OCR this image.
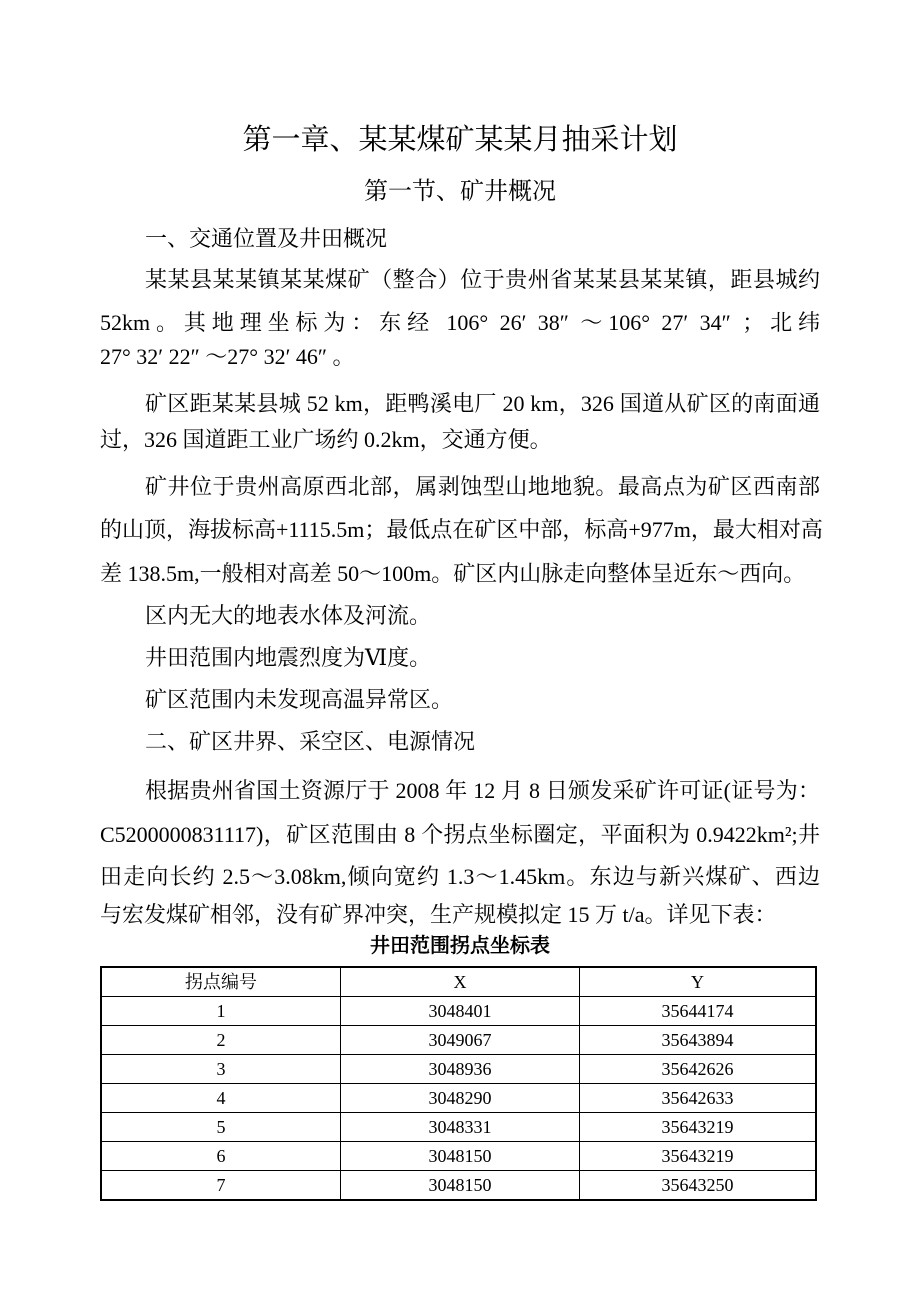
第一章、某某煤矿某某月抽采计划
第一节、矿井概况
一、交通位置及井田概况
某某县某某镇某某煤矿（整合）位于贵州省某某县某某镇，距县城约
52km。其地理坐标为：东经 106° 26′ 38″ ～106° 27′ 34″ ；北纬
27° 32′ 22″ ～27° 32′ 46″ 。
矿区距某某县城 52 km，距鸭溪电厂 20 km，326 国道从矿区的南面通
过，326 国道距工业广场约 0.2km，交通方便。
矿井位于贵州高原西北部，属剥蚀型山地地貌。最高点为矿区西南部
的山顶，海拔标高+1115.5m；最低点在矿区中部，标高+977m，最大相对高
差 138.5m,一般相对高差 50～100m。矿区内山脉走向整体呈近东～西向。
区内无大的地表水体及河流。
井田范围内地震烈度为Ⅵ度。
矿区范围内未发现高温异常区。
二、矿区井界、采空区、电源情况
根据贵州省国土资源厅于 2008 年 12 月 8 日颁发采矿许可证(证号为：
C5200000831117)，矿区范围由 8 个拐点坐标圈定，平面积为 0.9422km²;井
田走向长约 2.5～3.08km,倾向宽约 1.3～1.45km。东边与新兴煤矿、西边
与宏发煤矿相邻，没有矿界冲突，生产规模拟定 15 万 t/a。详见下表：
井田范围拐点坐标表
拐点编号	X	Y
1	3048401	35644174
2	3049067	35643894
3	3048936	35642626
4	3048290	35642633
5	3048331	35643219
6	3048150	35643219
7	3048150	35643250
